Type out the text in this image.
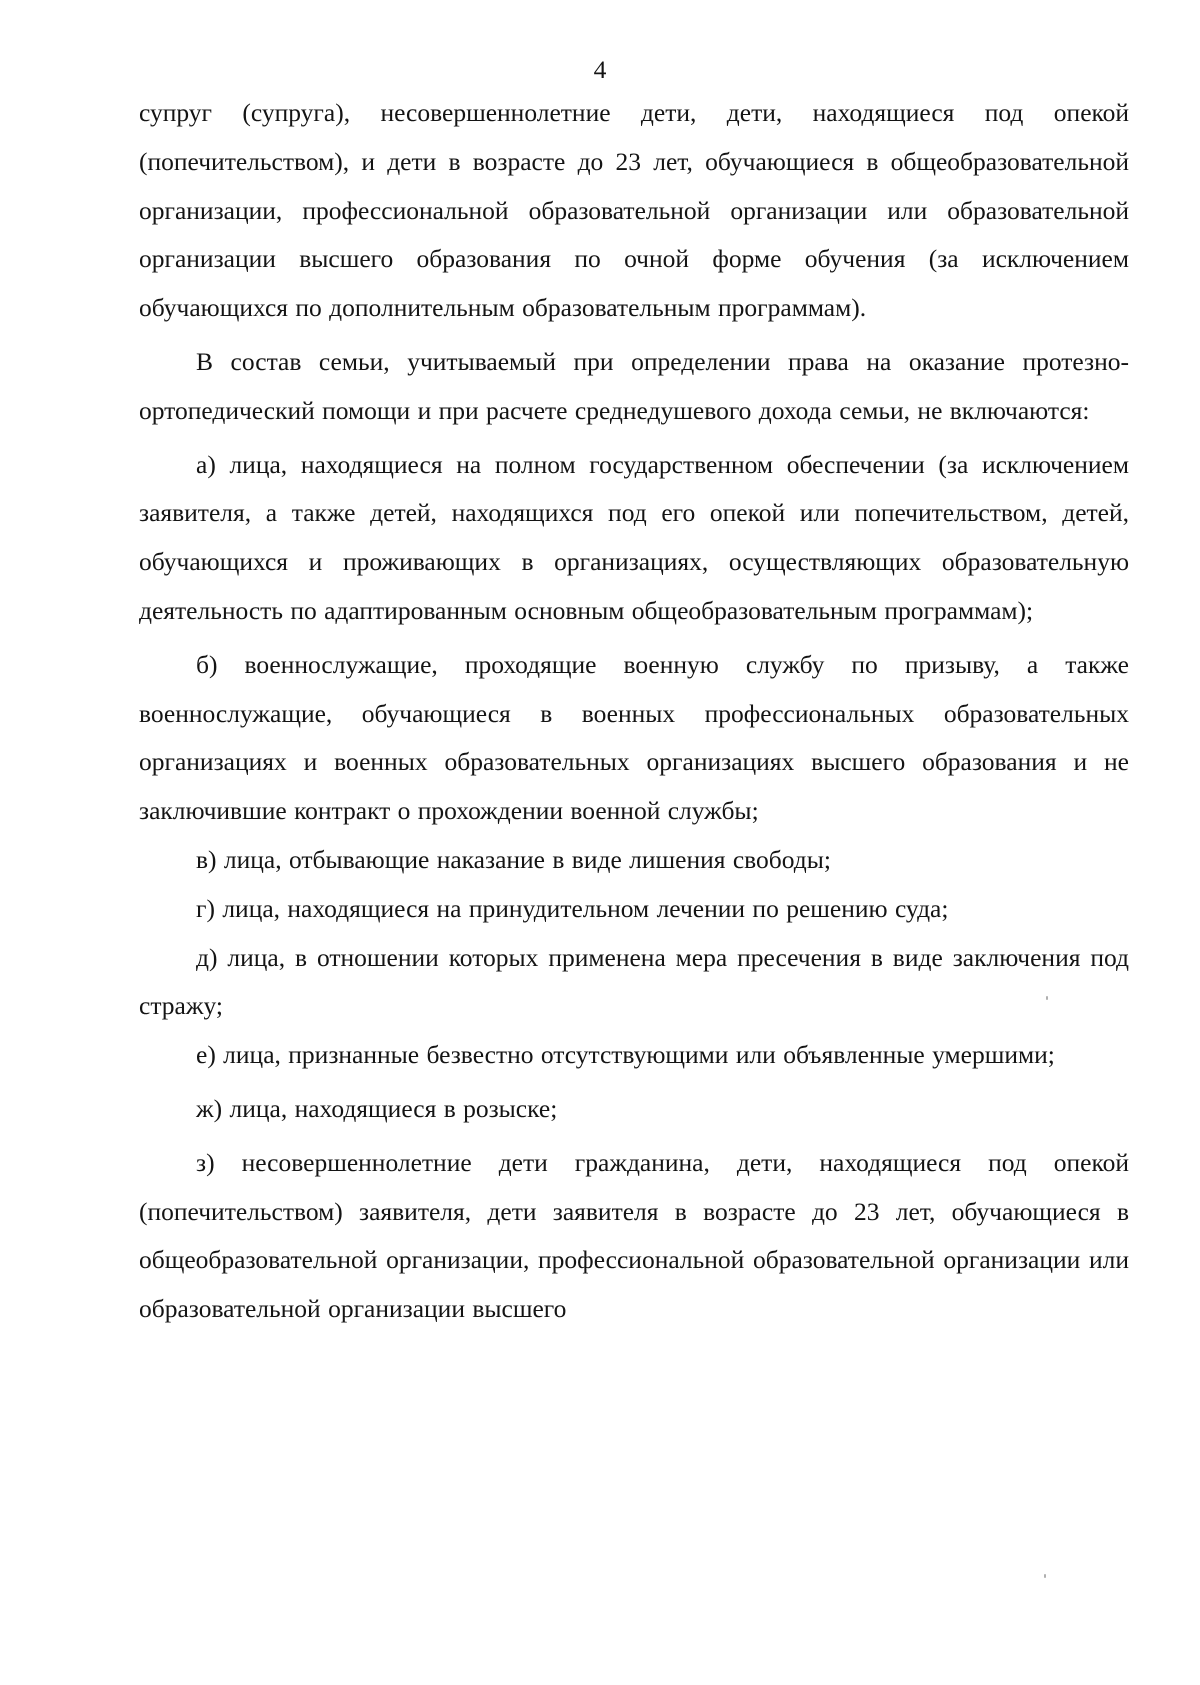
4

супруг (супруга), несовершеннолетние дети, дети, находящиеся под опекой (попечительством), и дети в возрасте до 23 лет, обучающиеся в общеобразовательной организации, профессиональной образовательной организации или образовательной организации высшего образования по очной форме обучения (за исключением обучающихся по дополнительным образовательным программам).

В состав семьи, учитываемый при определении права на оказание протезно-ортопедический помощи и при расчете среднедушевого дохода семьи, не включаются:

а) лица, находящиеся на полном государственном обеспечении (за исключением заявителя, а также детей, находящихся под его опекой или попечительством, детей, обучающихся и проживающих в организациях, осуществляющих образовательную деятельность по адаптированным основным общеобразовательным программам);

б) военнослужащие, проходящие военную службу по призыву, а также военнослужащие, обучающиеся в военных профессиональных образовательных организациях и военных образовательных организациях высшего образования и не заключившие контракт о прохождении военной службы;

в) лица, отбывающие наказание в виде лишения свободы;

г) лица, находящиеся на принудительном лечении по решению суда;

д) лица, в отношении которых применена мера пресечения в виде заключения под стражу;

е) лица, признанные безвестно отсутствующими или объявленные умершими;

ж) лица, находящиеся в розыске;

з) несовершеннолетние дети гражданина, дети, находящиеся под опекой (попечительством) заявителя, дети заявителя в возрасте до 23 лет, обучающиеся в общеобразовательной организации, профессиональной образовательной организации или образовательной организации высшего
